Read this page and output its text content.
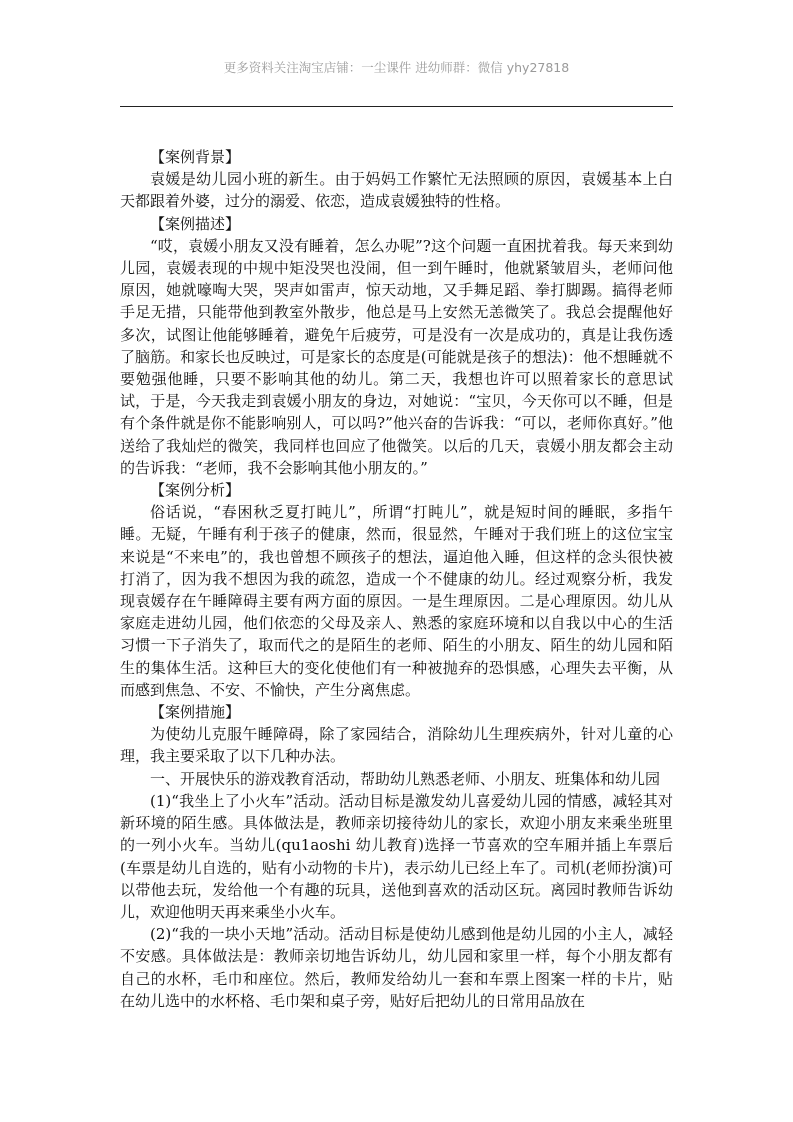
更多资料关注淘宝店铺：一尘课件 进幼师群：微信 yhy27818

【案例背景】

袁媛是幼儿园小班的新生。由于妈妈工作繁忙无法照顾的原因，袁媛基本上白天都跟着外婆，过分的溺爱、依恋，造成袁媛独特的性格。

【案例描述】

“哎，袁媛小朋友又没有睡着，怎么办呢”?这个问题一直困扰着我。每天来到幼儿园，袁媛表现的中规中矩没哭也没闹，但一到午睡时，他就紧皱眉头，老师问他原因，她就嚎啕大哭，哭声如雷声，惊天动地，又手舞足蹈、拳打脚踢。搞得老师手足无措，只能带他到教室外散步，他总是马上安然无恙微笑了。我总会提醒他好多次，试图让他能够睡着，避免午后疲劳，可是没有一次是成功的，真是让我伤透了脑筋。和家长也反映过，可是家长的态度是(可能就是孩子的想法)：他不想睡就不要勉强他睡，只要不影响其他的幼儿。第二天，我想也许可以照着家长的意思试试，于是，今天我走到袁媛小朋友的身边，对她说：“宝贝，今天你可以不睡，但是有个条件就是你不能影响别人，可以吗?”他兴奋的告诉我：“可以，老师你真好。”他送给了我灿烂的微笑，我同样也回应了他微笑。以后的几天，袁媛小朋友都会主动的告诉我：“老师，我不会影响其他小朋友的。”

【案例分析】

俗话说，“春困秋乏夏打盹儿”，所谓“打盹儿”，就是短时间的睡眠，多指午睡。无疑，午睡有利于孩子的健康，然而，很显然，午睡对于我们班上的这位宝宝来说是“不来电”的，我也曾想不顾孩子的想法，逼迫他入睡，但这样的念头很快被打消了，因为我不想因为我的疏忽，造成一个不健康的幼儿。经过观察分析，我发现袁媛存在午睡障碍主要有两方面的原因。一是生理原因。二是心理原因。幼儿从家庭走进幼儿园，他们依恋的父母及亲人、熟悉的家庭环境和以自我以中心的生活习惯一下子消失了，取而代之的是陌生的老师、陌生的小朋友、陌生的幼儿园和陌生的集体生活。这种巨大的变化使他们有一种被抛弃的恐惧感，心理失去平衡，从而感到焦急、不安、不愉快，产生分离焦虑。

【案例措施】

为使幼儿克服午睡障碍，除了家园结合，消除幼儿生理疾病外，针对儿童的心理，我主要采取了以下几种办法。

一、开展快乐的游戏教育活动，帮助幼儿熟悉老师、小朋友、班集体和幼儿园

(1)“我坐上了小火车”活动。活动目标是激发幼儿喜爱幼儿园的情感，减轻其对新环境的陌生感。具体做法是，教师亲切接待幼儿的家长，欢迎小朋友来乘坐班里的一列小火车。当幼儿(qu1aoshi 幼儿教育)选择一节喜欢的空车厢并插上车票后(车票是幼儿自选的，贴有小动物的卡片)，表示幼儿已经上车了。司机(老师扮演)可以带他去玩，发给他一个有趣的玩具，送他到喜欢的活动区玩。离园时教师告诉幼儿，欢迎他明天再来乘坐小火车。

(2)“我的一块小天地”活动。活动目标是使幼儿感到他是幼儿园的小主人，减轻不安感。具体做法是：教师亲切地告诉幼儿，幼儿园和家里一样，每个小朋友都有自己的水杯，毛巾和座位。然后，教师发给幼儿一套和车票上图案一样的卡片，贴在幼儿选中的水杯格、毛巾架和桌子旁，贴好后把幼儿的日常用品放在
